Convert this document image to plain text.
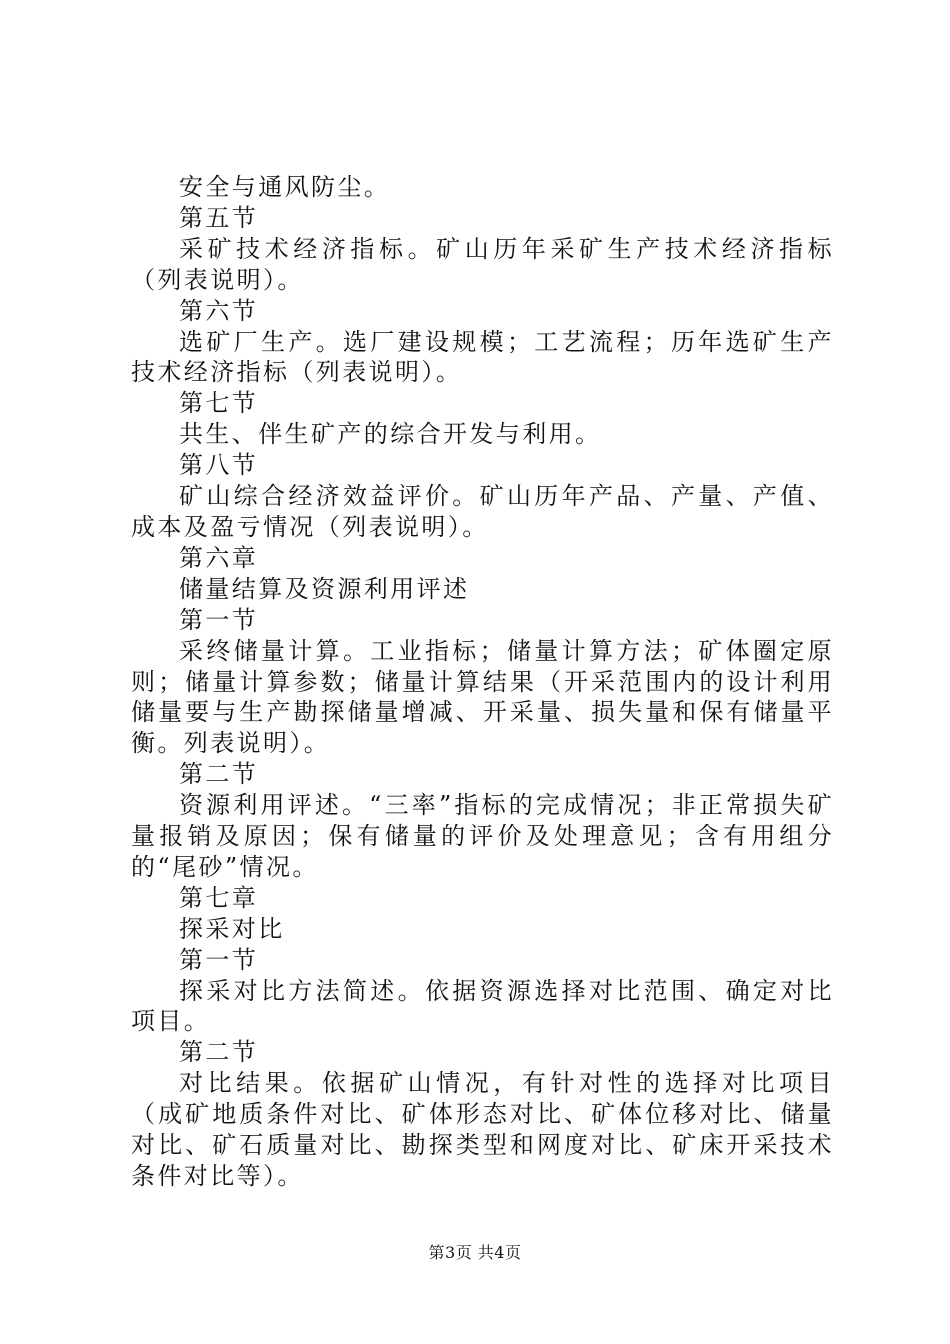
安全与通风防尘。

第五节

采矿技术经济指标。矿山历年采矿生产技术经济指标（列表说明）。

第六节

选矿厂生产。选厂建设规模；工艺流程；历年选矿生产技术经济指标（列表说明）。

第七节

共生、伴生矿产的综合开发与利用。

第八节

矿山综合经济效益评价。矿山历年产品、产量、产值、成本及盈亏情况（列表说明）。

第六章

储量结算及资源利用评述

第一节

采终储量计算。工业指标；储量计算方法；矿体圈定原则；储量计算参数；储量计算结果（开采范围内的设计利用储量要与生产勘探储量增减、开采量、损失量和保有储量平衡。列表说明）。

第二节

资源利用评述。“三率”指标的完成情况；非正常损失矿量报销及原因；保有储量的评价及处理意见；含有用组分的“尾砂”情况。

第七章

探采对比

第一节

探采对比方法简述。依据资源选择对比范围、确定对比项目。

第二节

对比结果。依据矿山情况，有针对性的选择对比项目（成矿地质条件对比、矿体形态对比、矿体位移对比、储量对比、矿石质量对比、勘探类型和网度对比、矿床开采技术条件对比等）。

第3页 共4页
